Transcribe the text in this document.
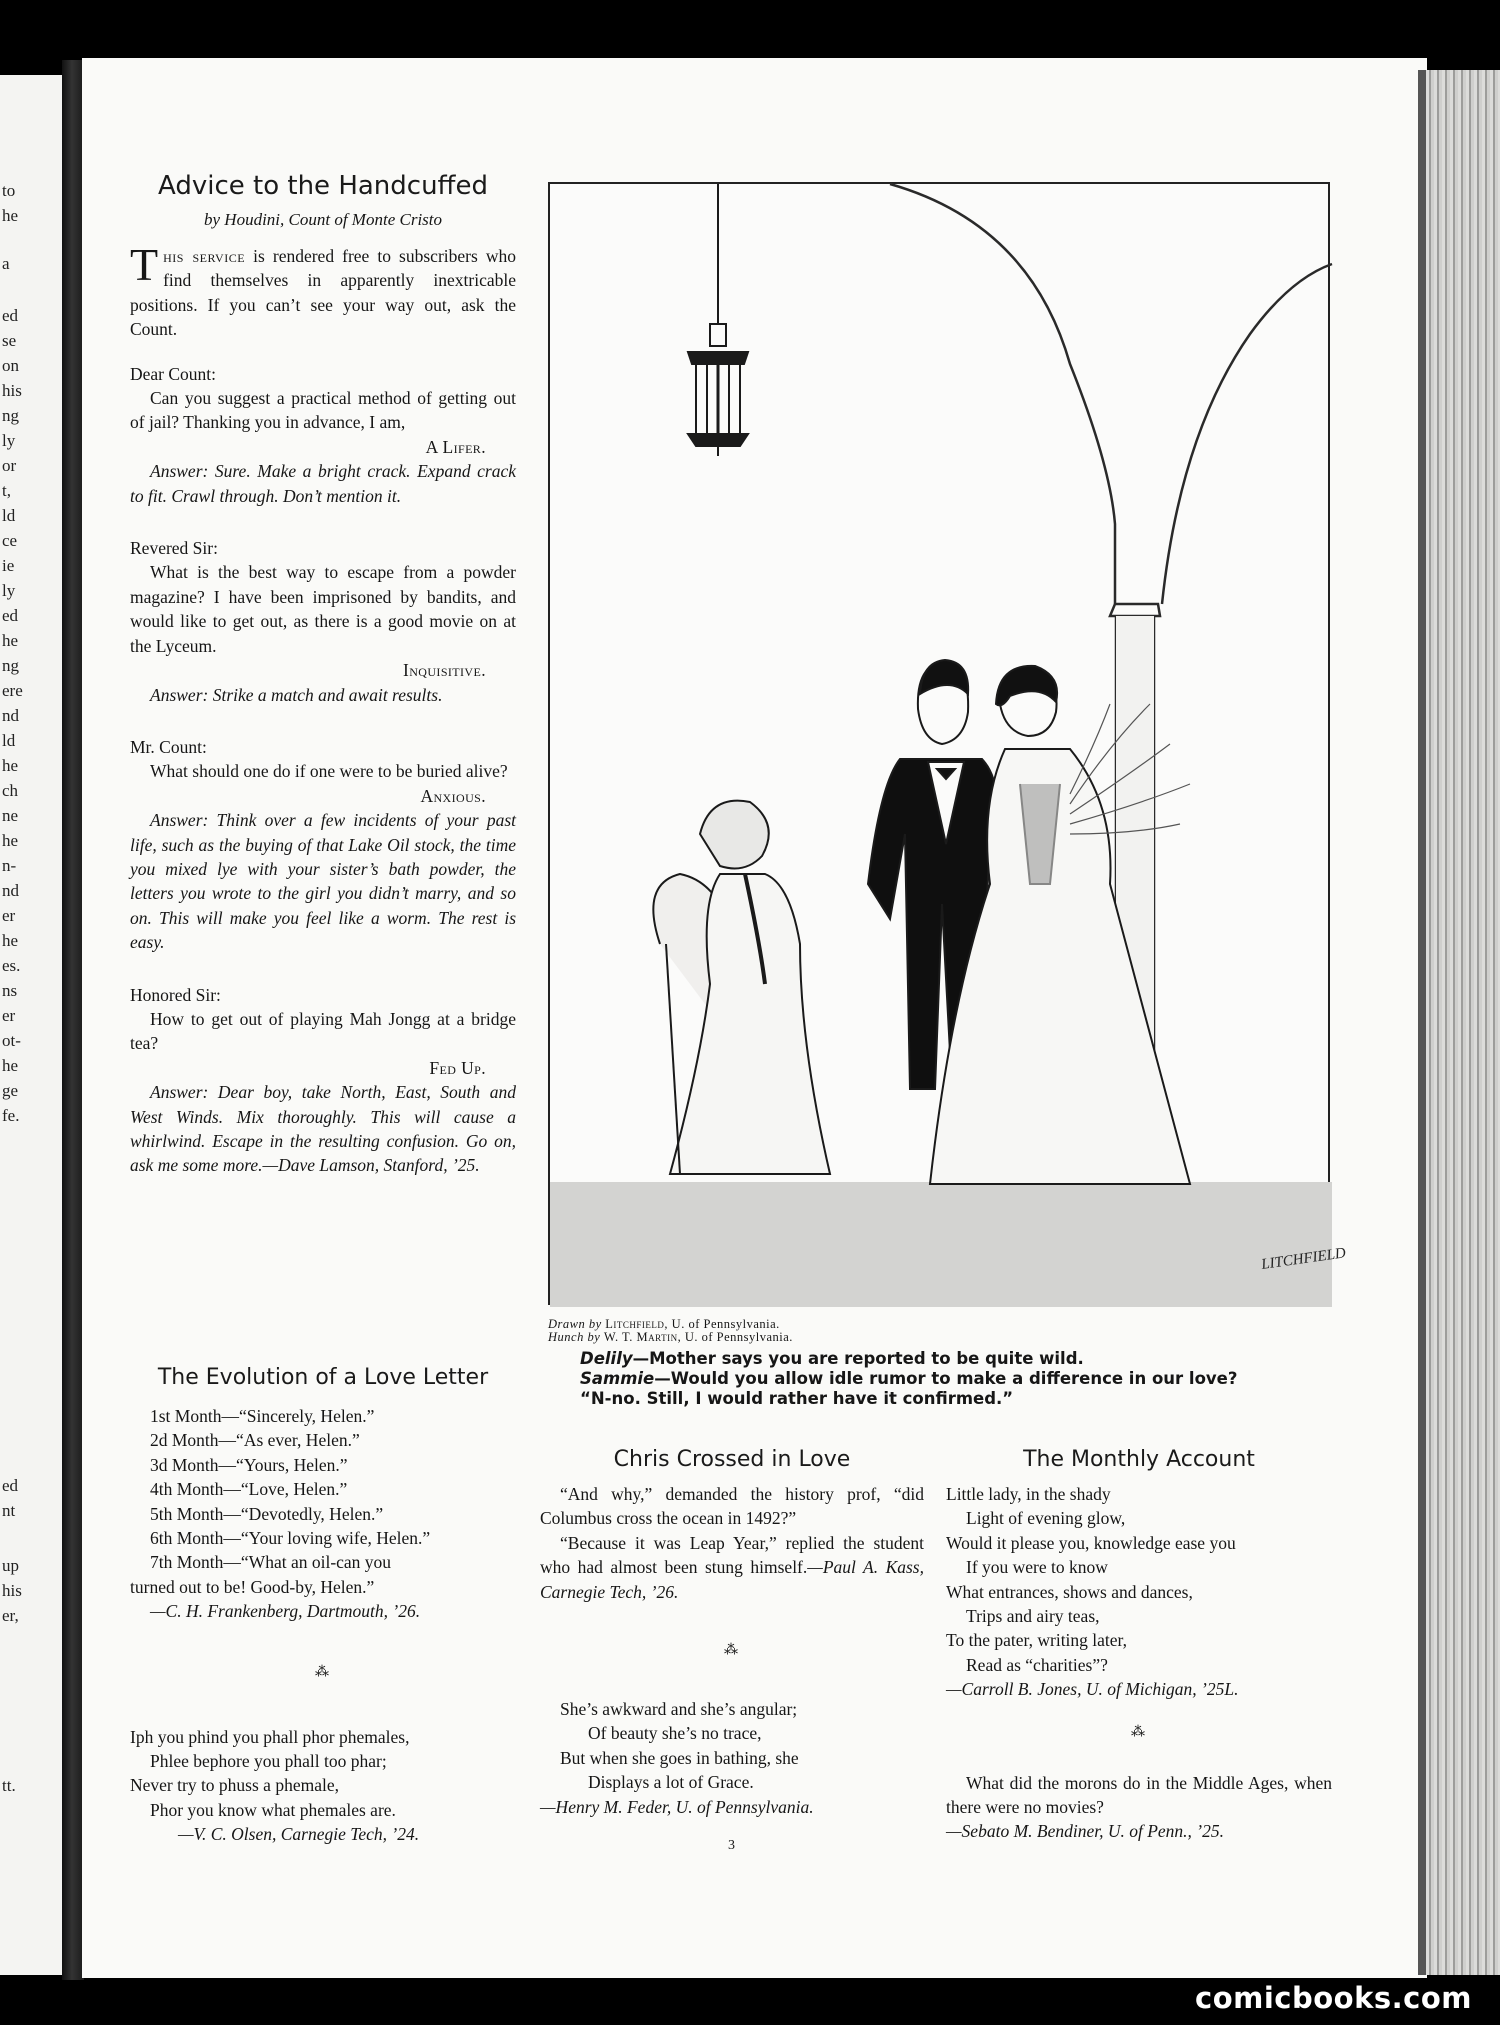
to
he
a
ed
se
on
his
ng
ly
or
t,
ld
ce
ie
ly
ed
he
ng
ere
nd
ld
he
ch
ne
he
n-
nd
er
he
es.
ns
er
ot-
he
ge
fe.
ed
nt
up
his
er,
tt.
Advice to the Handcuffed
by Houdini, Count of Monte Cristo

This service is rendered free to subscribers who find themselves in apparently inextricable positions. If you can’t see your way out, ask the Count.

Dear Count:

Can you suggest a practical method of getting out of jail? Thanking you in advance, I am,

A Lifer.

Answer: Sure. Make a bright crack. Expand crack to fit. Crawl through. Don’t mention it.

Revered Sir:

What is the best way to escape from a powder magazine? I have been imprisoned by bandits, and would like to get out, as there is a good movie on at the Lyceum.

Inquisitive.

Answer: Strike a match and await results.

Mr. Count:

What should one do if one were to be buried alive?

Anxious.

Answer: Think over a few incidents of your past life, such as the buying of that Lake Oil stock, the time you mixed lye with your sister’s bath powder, the letters you wrote to the girl you didn’t marry, and so on. This will make you feel like a worm. The rest is easy.

Honored Sir:

How to get out of playing Mah Jongg at a bridge tea?

Fed Up.

Answer: Dear boy, take North, East, South and West Winds. Mix thoroughly. This will cause a whirlwind. Escape in the resulting confusion. Go on, ask me some more.—Dave Lamson, Stanford, ’25.

The Evolution of a Love Letter
1st Month—“Sincerely, Helen.”
2d Month—“As ever, Helen.”
3d Month—“Yours, Helen.”
4th Month—“Love, Helen.”
5th Month—“Devotedly, Helen.”
6th Month—“Your loving wife, Helen.”
7th Month—“What an oil-can you
turned out to be! Good-by, Helen.”
—C. H. Frankenberg, Dartmouth, ’26.
⁂
Iph you phind you phall phor phemales,
Phlee bephore you phall too phar;
Never try to phuss a phemale,
Phor you know what phemales are.
—V. C. Olsen, Carnegie Tech, ’24.
LITCHFIELD
Drawn by Litchfield, U. of Pennsylvania.
Hunch by W. T. Martin, U. of Pennsylvania.
Delily—Mother says you are reported to be quite wild.
Sammie—Would you allow idle rumor to make a difference in our love?
“N-no. Still, I would rather have it confirmed.”
Chris Crossed in Love

“And why,” demanded the history prof, “did Columbus cross the ocean in 1492?”

“Because it was Leap Year,” replied the student who had almost been stung himself.—Paul A. Kass, Carnegie Tech, ’26.

⁂
She’s awkward and she’s angular;
Of beauty she’s no trace,
But when she goes in bathing, she
Displays a lot of Grace.
—Henry M. Feder, U. of Pennsylvania.
The Monthly Account
Little lady, in the shady
Light of evening glow,
Would it please you, knowledge ease you
If you were to know
What entrances, shows and dances,
Trips and airy teas,
To the pater, writing later,
Read as “charities”?
—Carroll B. Jones, U. of Michigan, ’25L.
⁂

What did the morons do in the Middle Ages, when there were no movies?

—Sebato M. Bendiner, U. of Penn., ’25.

3
comicbooks.com
